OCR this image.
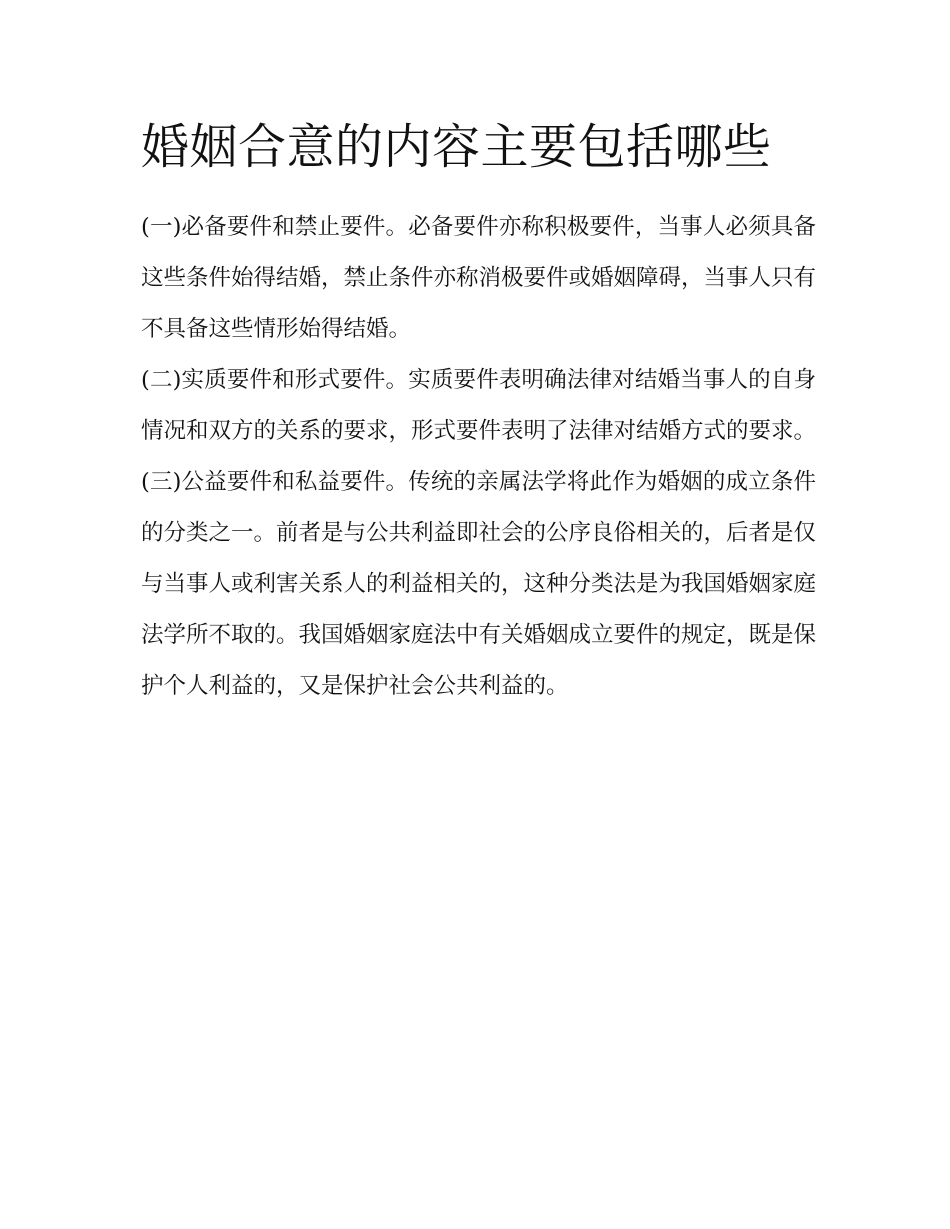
婚姻合意的内容主要包括哪些

(一)必备要件和禁止要件。必备要件亦称积极要件，当事人必须具备这些条件始得结婚，禁止条件亦称消极要件或婚姻障碍，当事人只有不具备这些情形始得结婚。

(二)实质要件和形式要件。实质要件表明确法律对结婚当事人的自身情况和双方的关系的要求，形式要件表明了法律对结婚方式的要求。

(三)公益要件和私益要件。传统的亲属法学将此作为婚姻的成立条件的分类之一。前者是与公共利益即社会的公序良俗相关的，后者是仅与当事人或利害关系人的利益相关的，这种分类法是为我国婚姻家庭法学所不取的。我国婚姻家庭法中有关婚姻成立要件的规定，既是保护个人利益的，又是保护社会公共利益的。
